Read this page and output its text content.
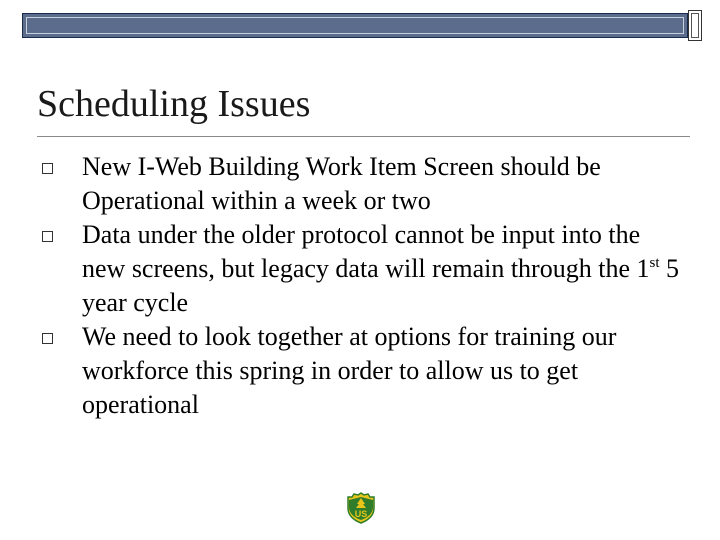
Scheduling Issues
New I-Web Building Work Item Screen should be Operational within a week or two
Data under the older protocol cannot be input into the new screens, but legacy data will remain through the 1st 5 year cycle
We need to look together at options for training our workforce this spring in order to allow us to get operational
US
